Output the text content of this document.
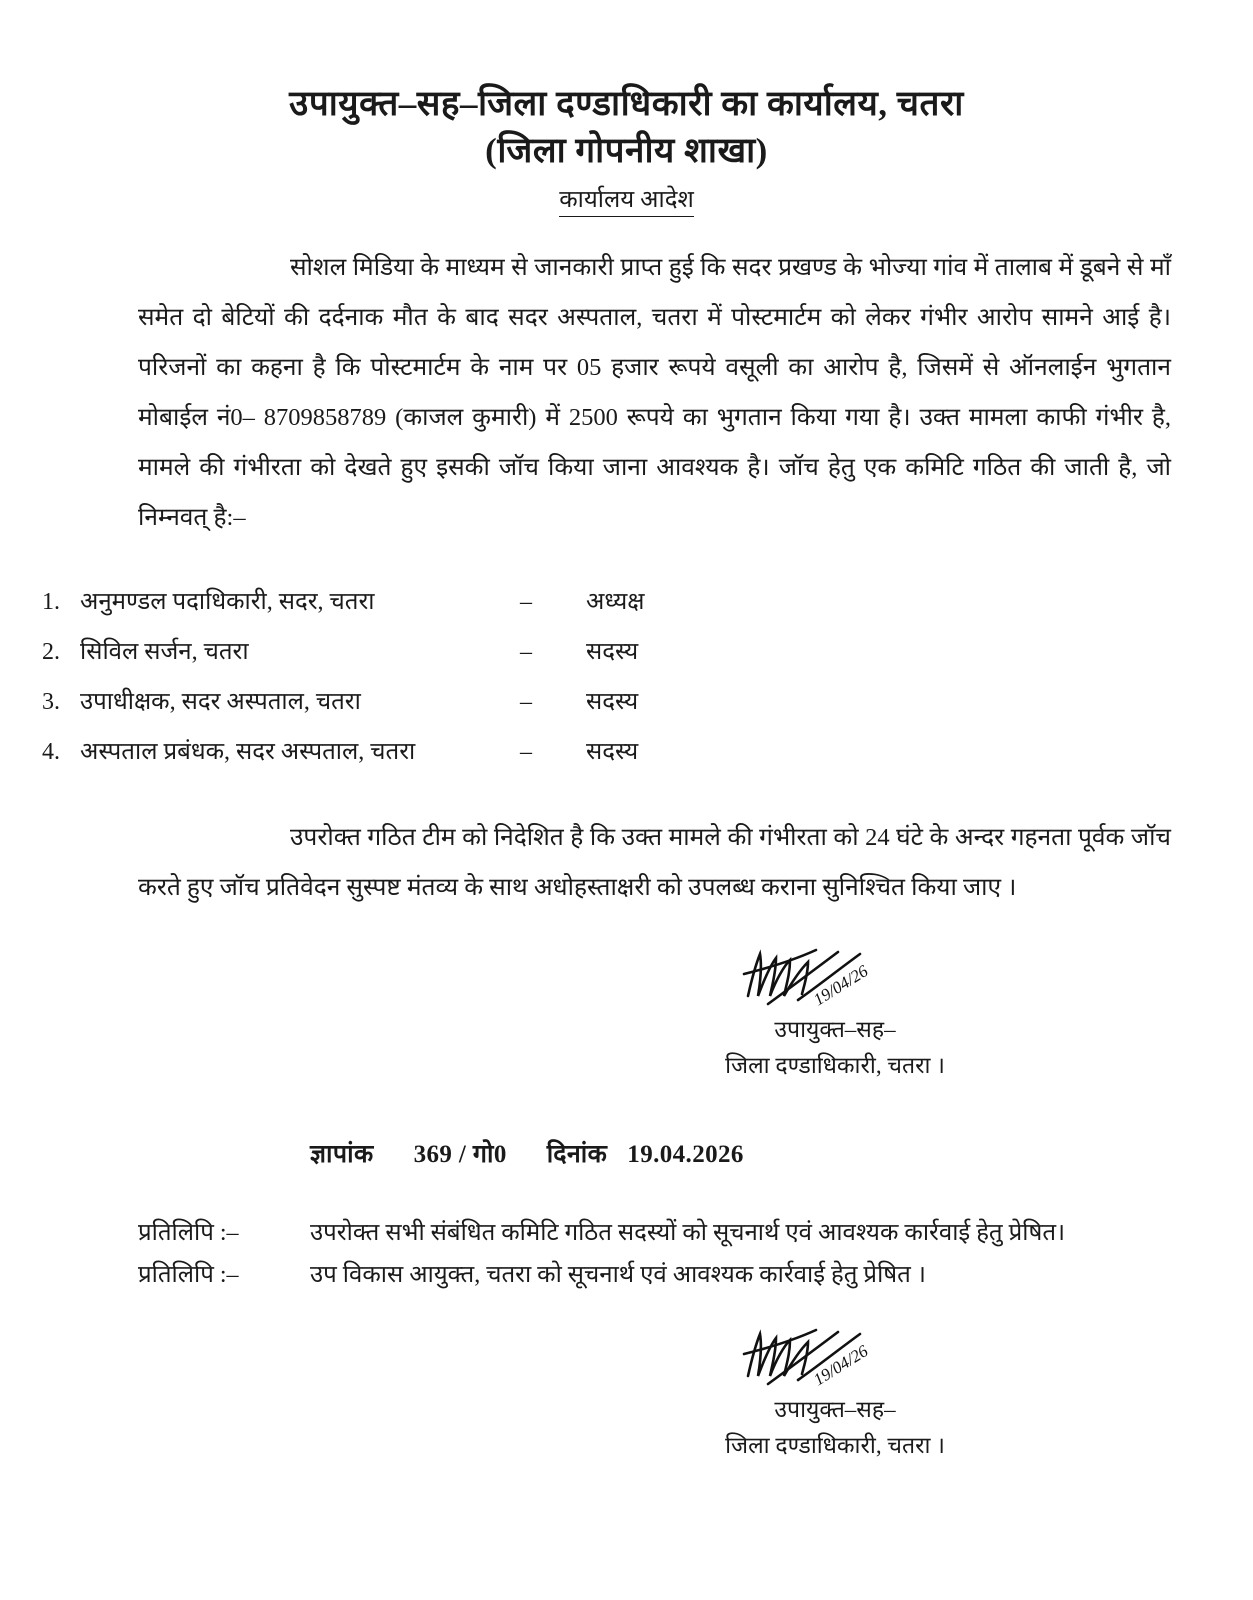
उपायुक्त–सह–जिला दण्डाधिकारी का कार्यालय, चतरा
(जिला गोपनीय शाखा)
कार्यालय आदेश

सोशल मिडिया के माध्यम से जानकारी प्राप्त हुई कि सदर प्रखण्ड के भोज्या गांव में तालाब में डूबने से मॉं समेत दो बेटियों की दर्दनाक मौत के बाद सदर अस्पताल, चतरा में पोस्टमार्टम को लेकर गंभीर आरोप सामने आई है। परिजनों का कहना है कि पोस्टमार्टम के नाम पर 05 हजार रूपये वसूली का आरोप है, जिसमें से ऑनलाईन भुगतान मोबाईल नं0– 8709858789 (काजल कुमारी) में 2500 रूपये का भुगतान किया गया है। उक्त मामला काफी गंभीर है, मामले की गंभीरता को देखते हुए इसकी जॉच किया जाना आवश्यक है। जॉच हेतु एक कमिटि गठित की जाती है, जो निम्नवत् है:–

1. अनुमण्डल पदाधिकारी, सदर, चतरा	–	अध्यक्ष
2. सिविल सर्जन, चतरा	–	सदस्य
3. उपाधीक्षक, सदर अस्पताल, चतरा	–	सदस्य
4. अस्पताल प्रबंधक, सदर अस्पताल, चतरा	–	सदस्य

उपरोक्त गठित टीम को निदेशित है कि उक्त मामले की गंभीरता को 24 घंटे के अन्दर गहनता पूर्वक जॉच करते हुए जॉच प्रतिवेदन सुस्पष्ट मंतव्य के साथ अधोहस्ताक्षरी को उपलब्ध कराना सुनिश्चित किया जाए ।

19/04/26
उपायुक्त–सह–
जिला दण्डाधिकारी, चतरा ।
ज्ञापांक 369 / गो0 दिनांक 19.04.2026
प्रतिलिपि :–	उपरोक्त सभी संबंधित कमिटि गठित सदस्यों को सूचनार्थ एवं आवश्यक कार्रवाई हेतु प्रेषित।
प्रतिलिपि :–	उप विकास आयुक्त, चतरा को सूचनार्थ एवं आवश्यक कार्रवाई हेतु प्रेषित ।
19/04/26
उपायुक्त–सह–
जिला दण्डाधिकारी, चतरा ।
